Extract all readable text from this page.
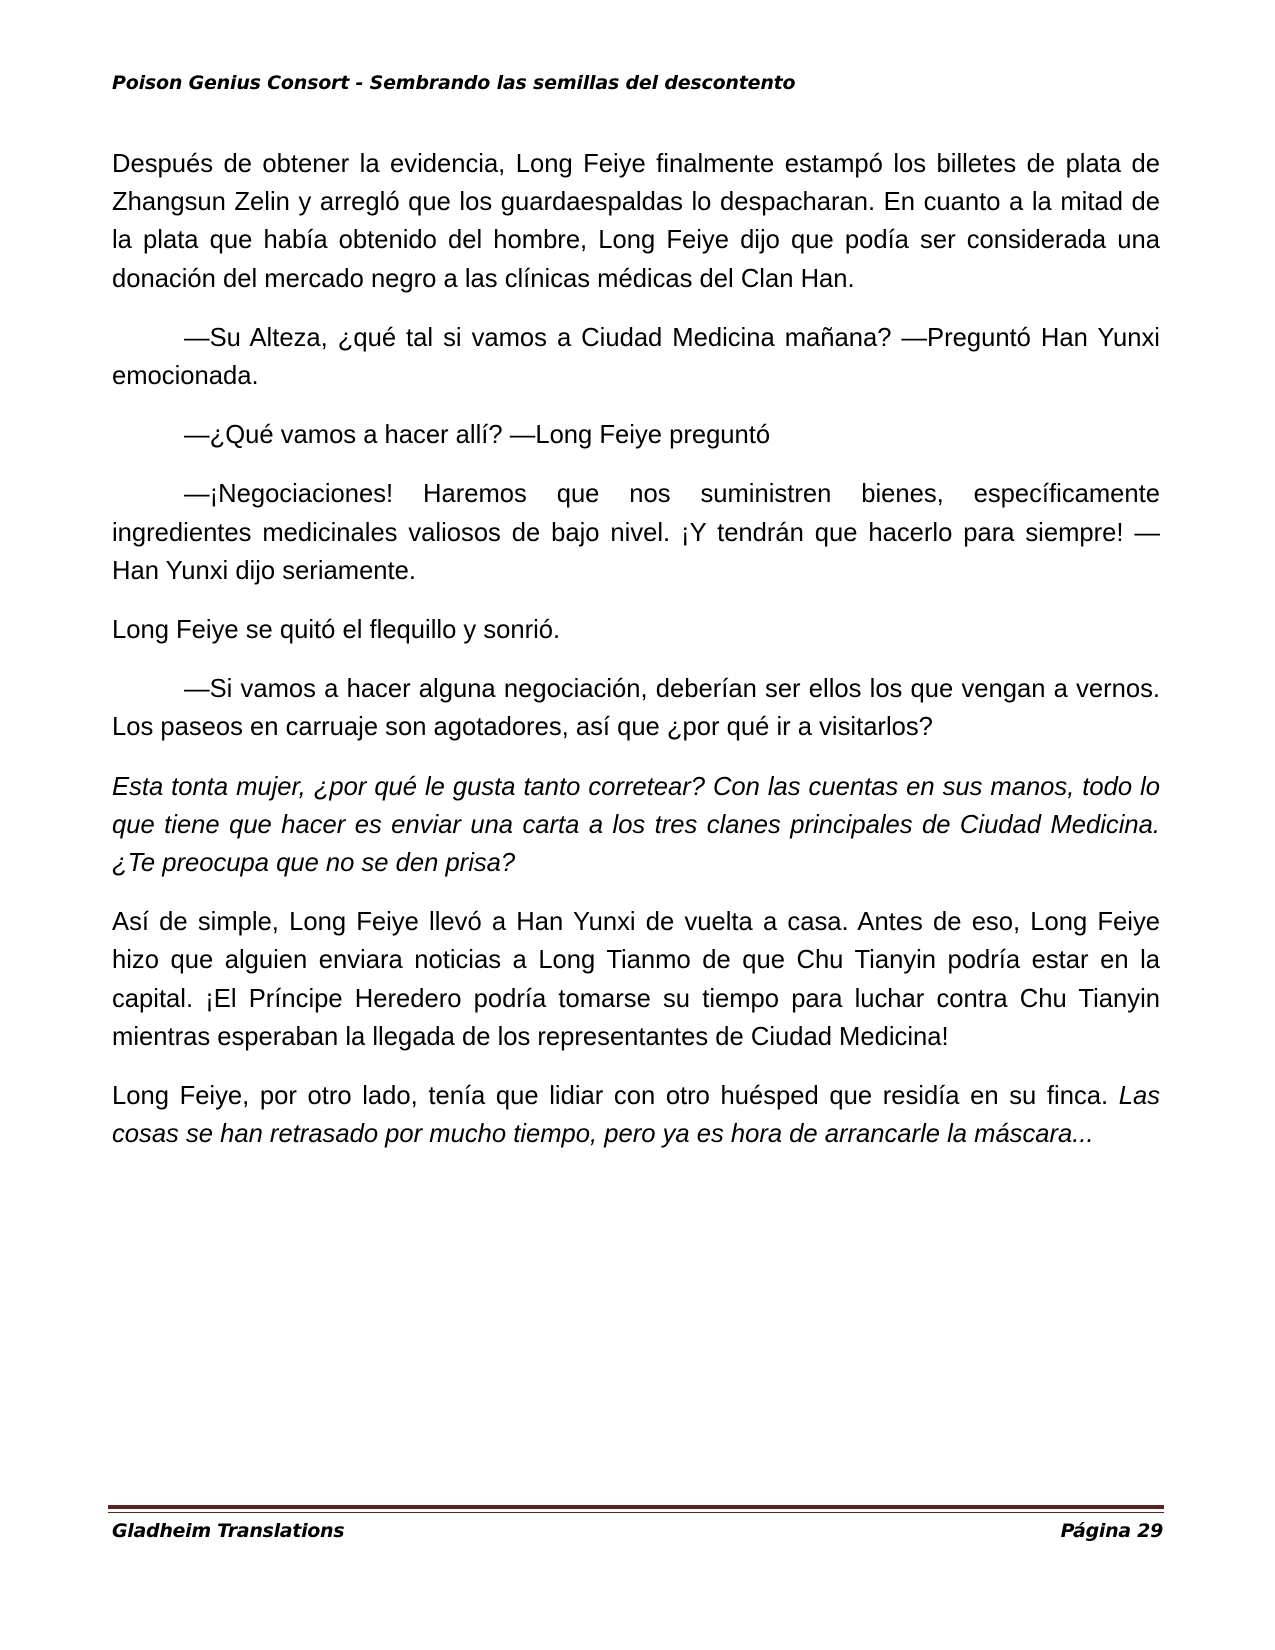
Poison Genius Consort - Sembrando las semillas del descontento

Después de obtener la evidencia, Long Feiye finalmente estampó los billetes de plata de Zhangsun Zelin y arregló que los guardaespaldas lo despacharan. En cuanto a la mitad de la plata que había obtenido del hombre, Long Feiye dijo que podía ser considerada una donación del mercado negro a las clínicas médicas del Clan Han.

—Su Alteza, ¿qué tal si vamos a Ciudad Medicina mañana? —Preguntó Han Yunxi emocionada.

—¿Qué vamos a hacer allí? —Long Feiye preguntó

—¡Negociaciones! Haremos que nos suministren bienes, específicamente ingredientes medicinales valiosos de bajo nivel. ¡Y tendrán que hacerlo para siempre! —Han Yunxi dijo seriamente.

Long Feiye se quitó el flequillo y sonrió.

—Si vamos a hacer alguna negociación, deberían ser ellos los que vengan a vernos. Los paseos en carruaje son agotadores, así que ¿por qué ir a visitarlos?

Esta tonta mujer, ¿por qué le gusta tanto corretear? Con las cuentas en sus manos, todo lo que tiene que hacer es enviar una carta a los tres clanes principales de Ciudad Medicina. ¿Te preocupa que no se den prisa?

Así de simple, Long Feiye llevó a Han Yunxi de vuelta a casa. Antes de eso, Long Feiye hizo que alguien enviara noticias a Long Tianmo de que Chu Tianyin podría estar en la capital. ¡El Príncipe Heredero podría tomarse su tiempo para luchar contra Chu Tianyin mientras esperaban la llegada de los representantes de Ciudad Medicina!

Long Feiye, por otro lado, tenía que lidiar con otro huésped que residía en su finca. Las cosas se han retrasado por mucho tiempo, pero ya es hora de arrancarle la máscara...

Gladheim Translations	Página 29
